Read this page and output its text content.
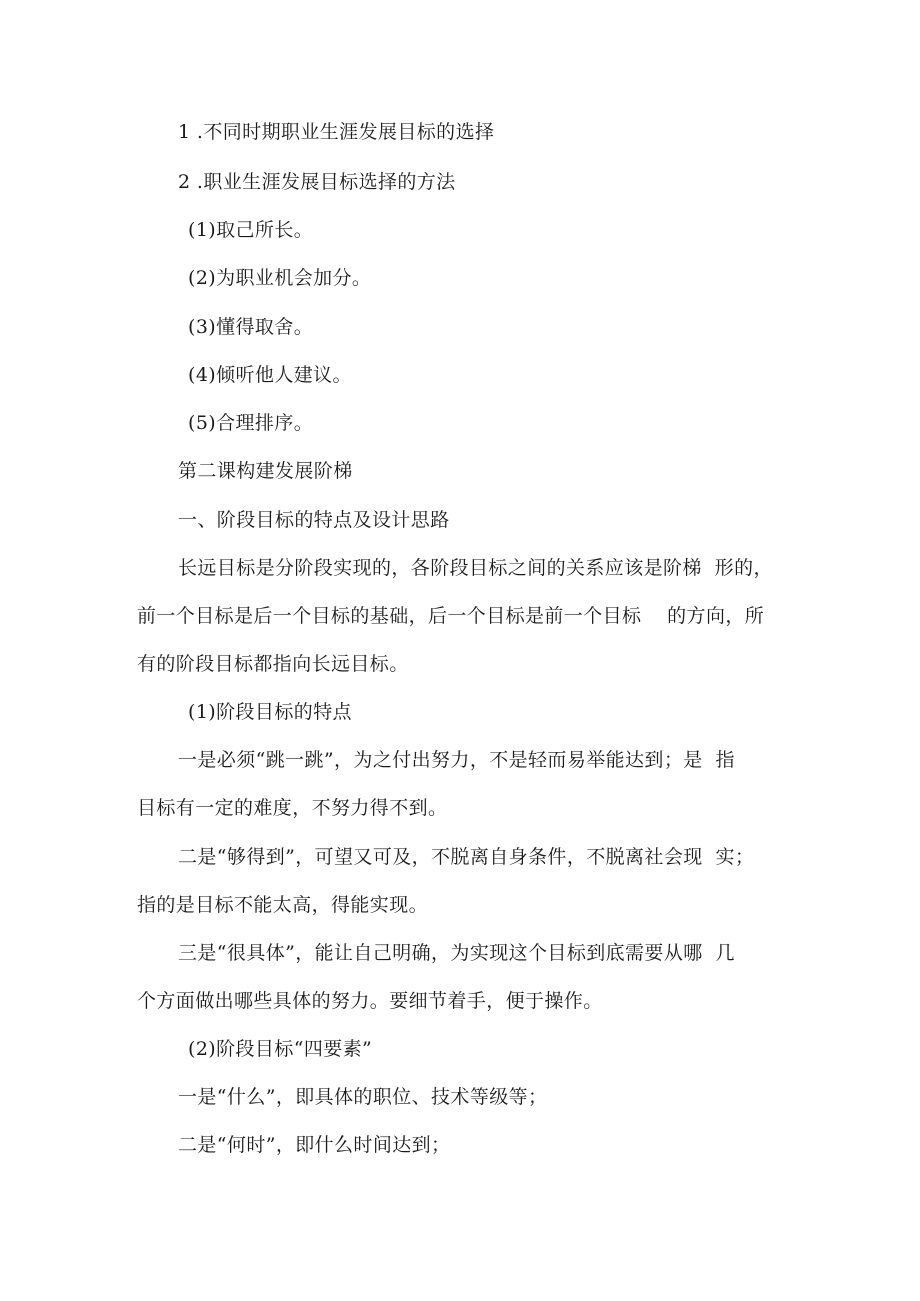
1 .不同时期职业生涯发展目标的选择
2 .职业生涯发展目标选择的方法
(1)取己所长。
(2)为职业机会加分。
(3)懂得取舍。
(4)倾听他人建议。
(5)合理排序。
第二课构建发展阶梯
一、阶段目标的特点及设计思路
长远目标是分阶段实现的，各阶段目标之间的关系应该是阶梯  形的，
前一个目标是后一个目标的基础，后一个目标是前一个目标    的方向，所
有的阶段目标都指向长远目标。
(1)阶段目标的特点
一是必须“跳一跳”，为之付出努力，不是轻而易举能达到；是  指
目标有一定的难度，不努力得不到。
二是“够得到”，可望又可及，不脱离自身条件，不脱离社会现  实；
指的是目标不能太高，得能实现。
三是“很具体”，能让自己明确，为实现这个目标到底需要从哪  几
个方面做出哪些具体的努力。要细节着手，便于操作。
(2)阶段目标“四要素”
一是“什么”，即具体的职位、技术等级等；
二是“何时”，即什么时间达到；
